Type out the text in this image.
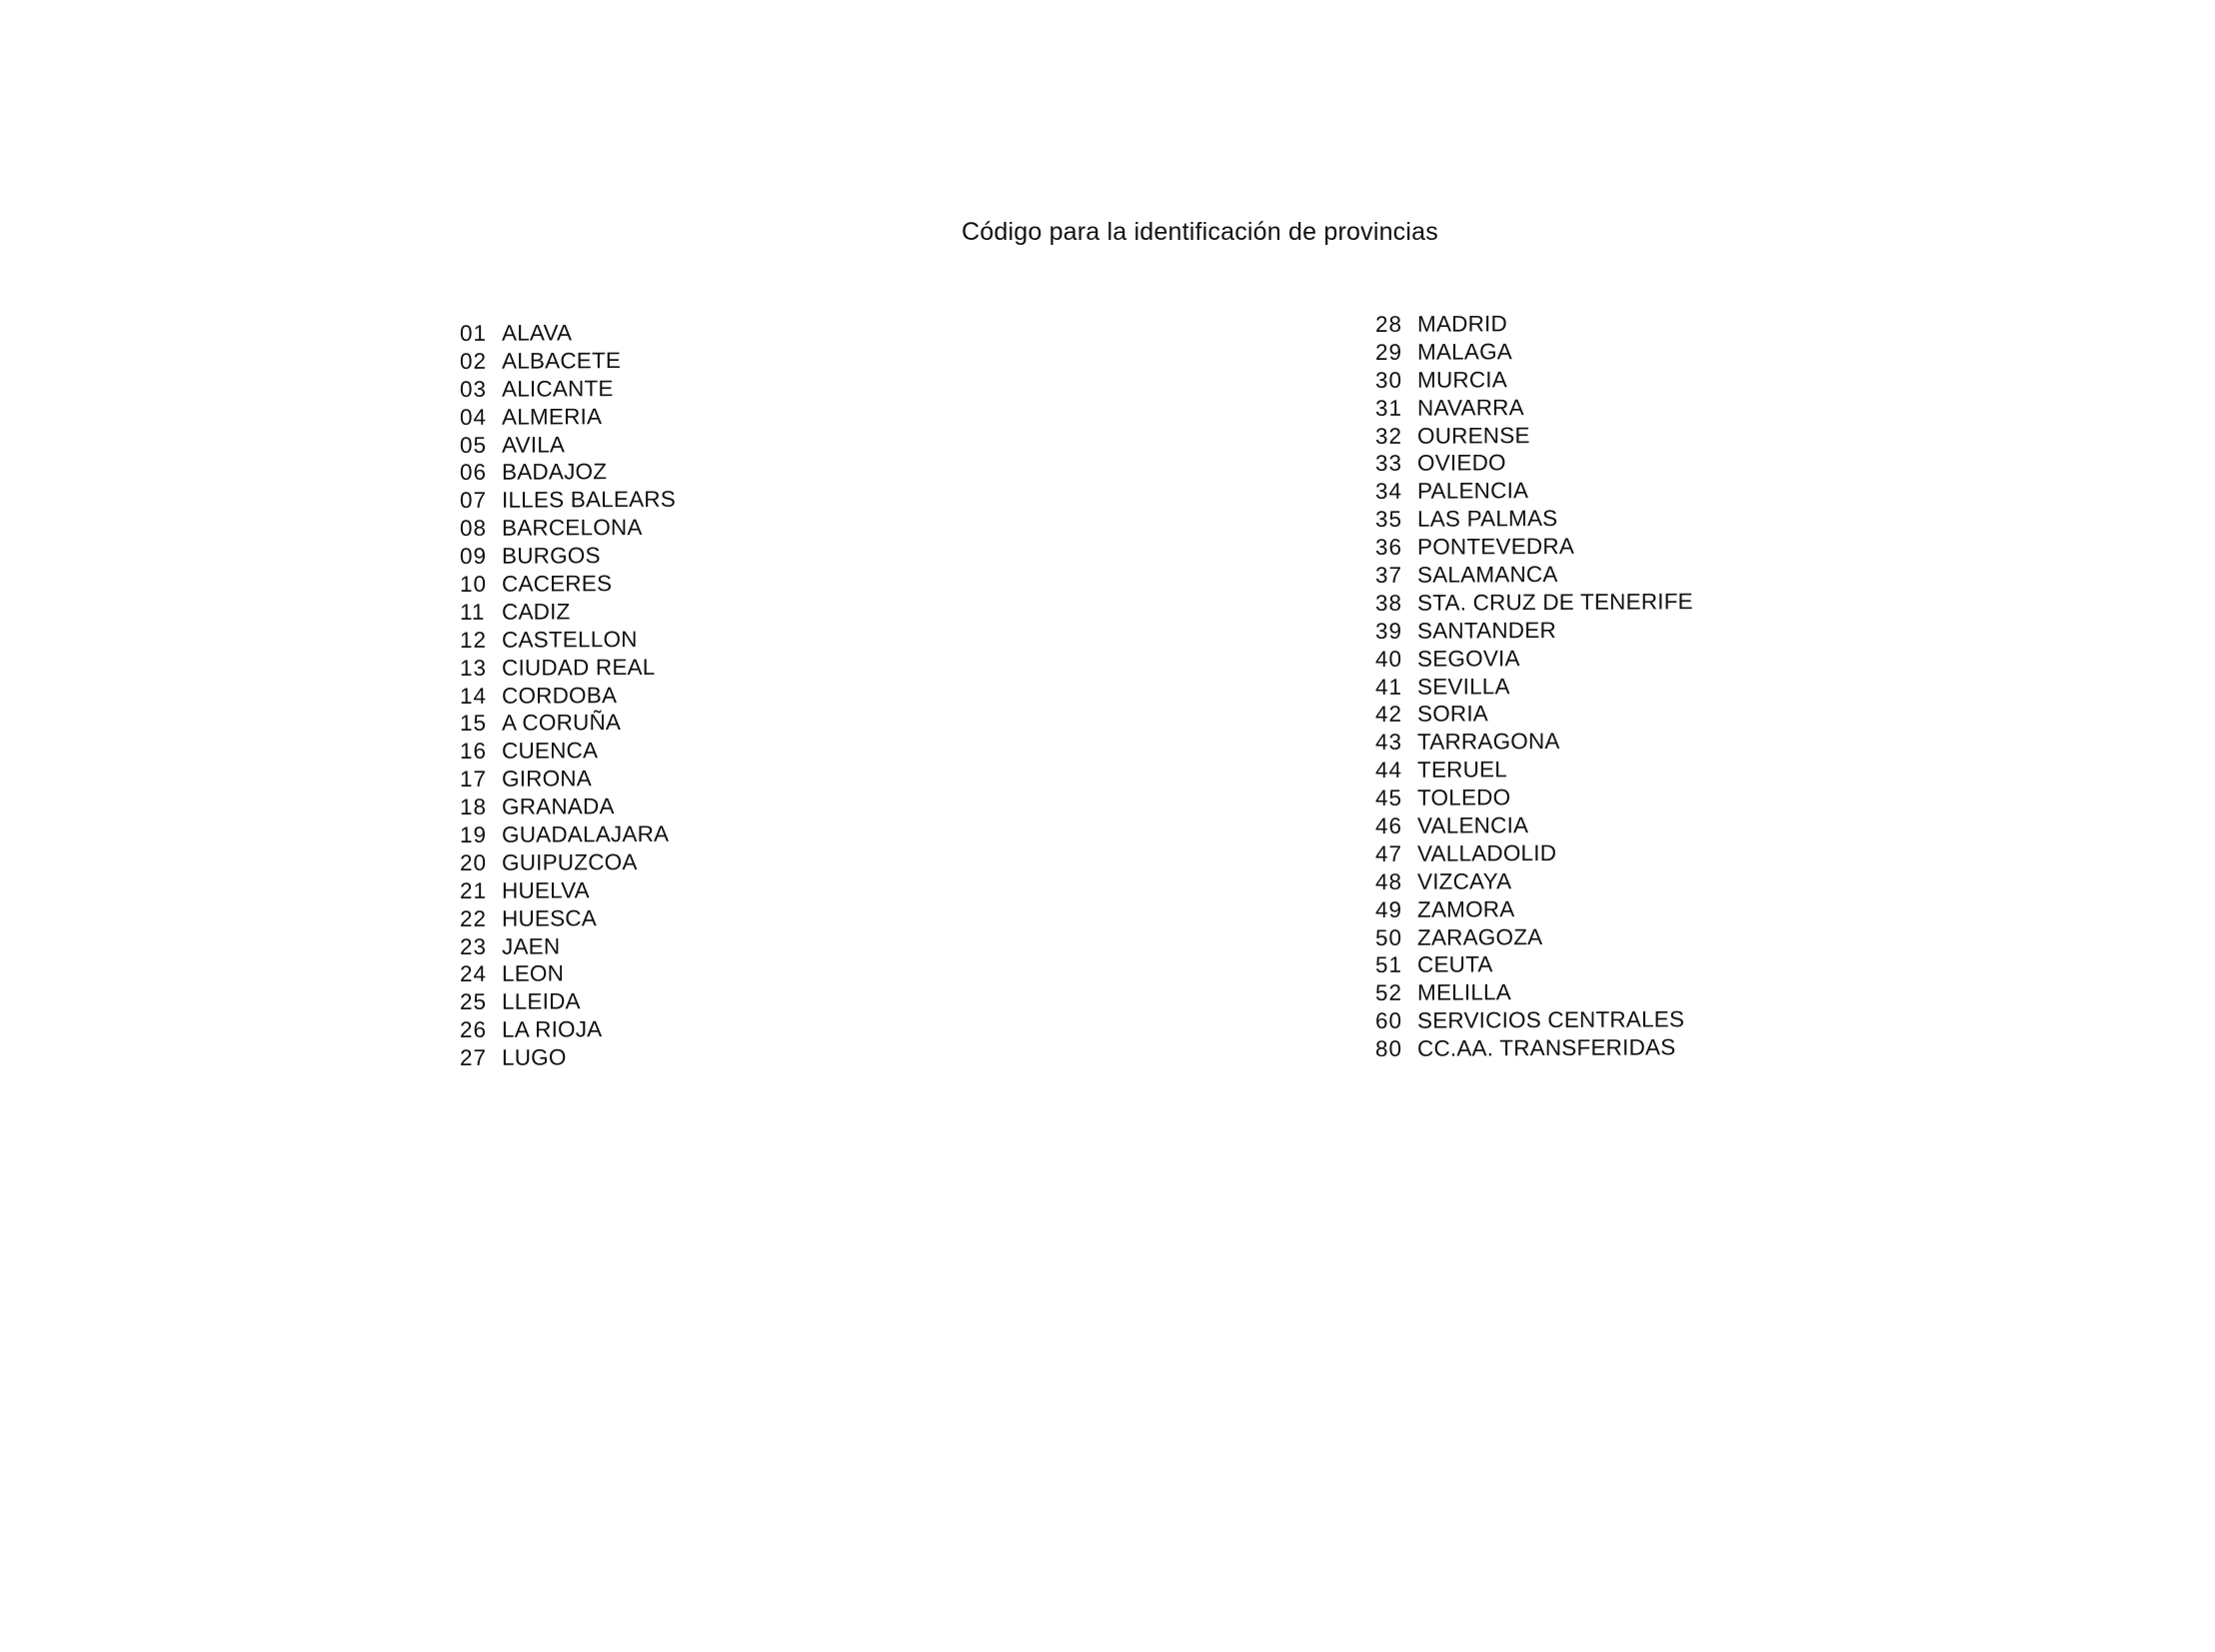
Código para la identificación de provincias
01 ALAVA
02 ALBACETE
03 ALICANTE
04 ALMERIA
05 AVILA
06 BADAJOZ
07 ILLES BALEARS
08 BARCELONA
09 BURGOS
10 CACERES
11 CADIZ
12 CASTELLON
13 CIUDAD REAL
14 CORDOBA
15 A CORUÑA
16 CUENCA
17 GIRONA
18 GRANADA
19 GUADALAJARA
20 GUIPUZCOA
21 HUELVA
22 HUESCA
23 JAEN
24 LEON
25 LLEIDA
26 LA RIOJA
27 LUGO
28 MADRID
29 MALAGA
30 MURCIA
31 NAVARRA
32 OURENSE
33 OVIEDO
34 PALENCIA
35 LAS PALMAS
36 PONTEVEDRA
37 SALAMANCA
38 STA. CRUZ DE TENERIFE
39 SANTANDER
40 SEGOVIA
41 SEVILLA
42 SORIA
43 TARRAGONA
44 TERUEL
45 TOLEDO
46 VALENCIA
47 VALLADOLID
48 VIZCAYA
49 ZAMORA
50 ZARAGOZA
51 CEUTA
52 MELILLA
60 SERVICIOS CENTRALES
80 CC.AA. TRANSFERIDAS
